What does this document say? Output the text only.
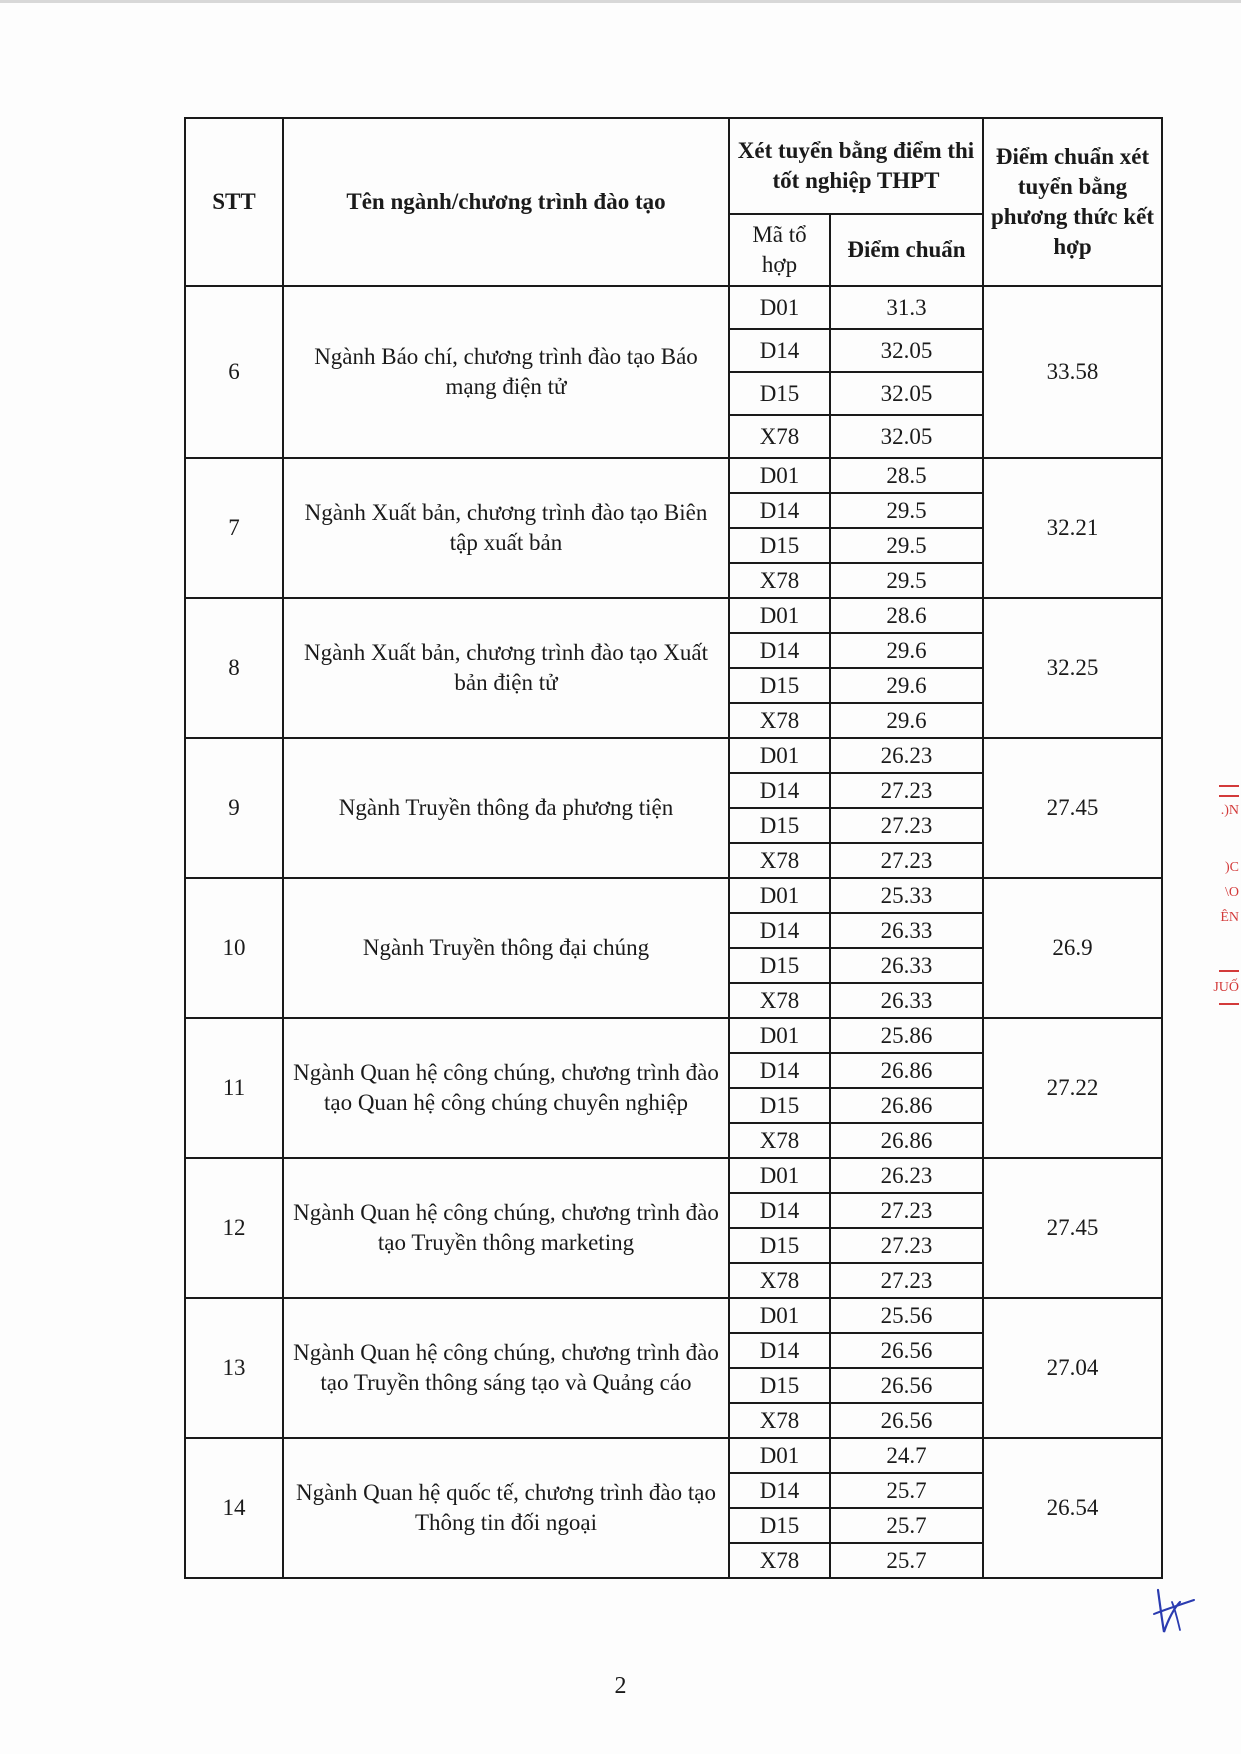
STT	Tên ngành/chương trình đào tạo	Xét tuyển bằng điểm thi tốt nghiệp THPT		Điểm chuẩn xét tuyển bằng phương thức kết hợp
		Mã tổ hợp	Điểm chuẩn	
6	Ngành Báo chí, chương trình đào tạo Báo mạng điện tử	D01	31.3	33.58
		D14	32.05	
		D15	32.05	
		X78	32.05	
7	Ngành Xuất bản, chương trình đào tạo Biên tập xuất bản	D01	28.5	32.21
		D14	29.5	
		D15	29.5	
		X78	29.5	
8	Ngành Xuất bản, chương trình đào tạo Xuất bản điện tử	D01	28.6	32.25
		D14	29.6	
		D15	29.6	
		X78	29.6	
9	Ngành Truyền thông đa phương tiện	D01	26.23	27.45
		D14	27.23	
		D15	27.23	
		X78	27.23	
10	Ngành Truyền thông đại chúng	D01	25.33	26.9
		D14	26.33	
		D15	26.33	
		X78	26.33	
11	Ngành Quan hệ công chúng, chương trình đào tạo Quan hệ công chúng chuyên nghiệp	D01	25.86	27.22
		D14	26.86	
		D15	26.86	
		X78	26.86	
12	Ngành Quan hệ công chúng, chương trình đào tạo Truyền thông marketing	D01	26.23	27.45
		D14	27.23	
		D15	27.23	
		X78	27.23	
13	Ngành Quan hệ công chúng, chương trình đào tạo Truyền thông sáng tạo và Quảng cáo	D01	25.56	27.04
		D14	26.56	
		D15	26.56	
		X78	26.56	
14	Ngành Quan hệ quốc tế, chương trình đào tạo Thông tin đối ngoại	D01	24.7	26.54
		D14	25.7	
		D15	25.7	
		X78	25.7	
2
.)N
)C
\O
ÊN
JUỐ
